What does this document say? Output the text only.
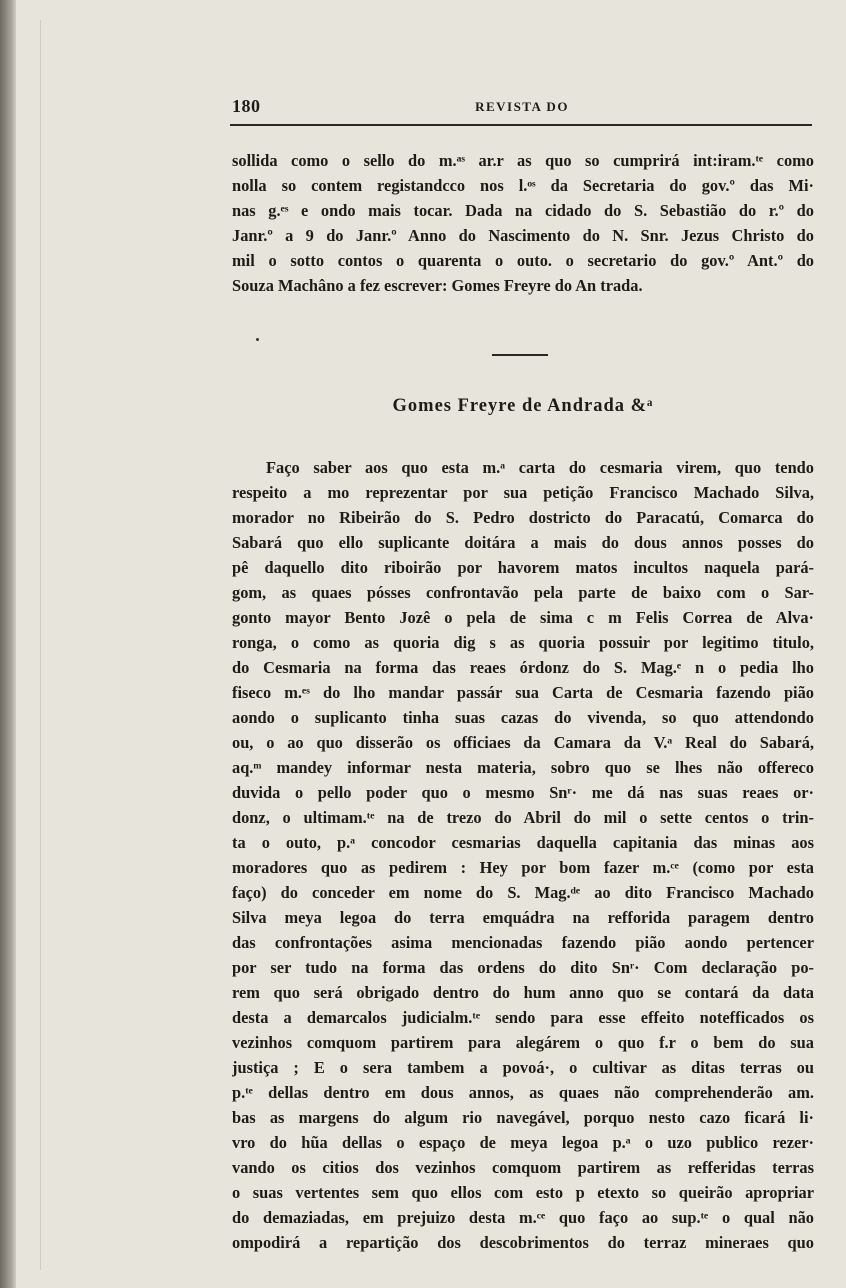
180	REVISTA DO
sollida como o sello do m.ᵃˢ ar.r as quo so cumprirá int:iram.ᵗᵉ como
nolla so contem registandcco nos l.ᵒˢ da Secretaria do gov.º das Mi·
nas g.ᵉˢ e ondo mais tocar. Dada na cidado do S. Sebastião do r.º do
Janr.º a 9 do Janr.º Anno do Nascimento do N. Snr. Jezus Christo do
mil o sotto contos o quarenta o outo. o secretario do gov.º Ant.º do
Souza Machâno a fez escrever: Gomes Freyre do An trada.
Gomes Freyre de Andrada &ᵃ
Faço saber aos quo esta m.ᵃ carta do cesmaria virem, quo tendo
respeito a mo reprezentar por sua petição Francisco Machado Silva,
morador no Ribeirão do S. Pedro dostricto do Paracatú, Comarca do
Sabará quo ello suplicante doitára a mais do dous annos posses do
pê daquello dito riboirão por havorem matos incultos naquela pará-
gom, as quaes pósses confrontavão pela parte de baixo com o Sar-
gonto mayor Bento Jozê o pela de sima c m Felis Correa de Alva·
ronga, o como as quoria dig s as quoria possuir por legitimo titulo,
do Cesmaria na forma das reaes órdonz do S. Mag.ᵉ n o pedia lho
fiseco m.ᵉˢ do lho mandar passár sua Carta de Cesmaria fazendo pião
aondo o suplicanto tinha suas cazas do vivenda, so quo attendondo
ou, o ao quo disserão os officiaes da Camara da V.ᵃ Real do Sabará,
aq.ᵐ mandey informar nesta materia, sobro quo se lhes não offereco
duvida o pello poder quo o mesmo Snʳ· me dá nas suas reaes or·
donz, o ultimam.ᵗᵉ na de trezo do Abril do mil o sette centos o trin-
ta o outo, p.ᵃ concodor cesmarias daquella capitania das minas aos
moradores quo as pedirem : Hey por bom fazer m.ᶜᵉ (como por esta
faço) do conceder em nome do S. Mag.ᵈᵉ ao dito Francisco Machado
Silva meya legoa do terra emquádra na refforida paragem dentro
das confrontações asima mencionadas fazendo pião aondo pertencer
por ser tudo na forma das ordens do dito Snʳ· Com declaração po-
rem quo será obrigado dentro do hum anno quo se contará da data
desta a demarcalos judicialm.ᵗᵉ sendo para esse effeito notefficados os
vezinhos comquom partirem para alegárem o quo f.r o bem do sua
justiça ; E o sera tambem a povoá·, o cultivar as ditas terras ou
p.ᵗᵉ dellas dentro em dous annos, as quaes não comprehenderão am.
bas as margens do algum rio navegável, porquo nesto cazo ficará li·
vro do hũa dellas o espaço de meya legoa p.ᵃ o uzo publico rezer·
vando os citios dos vezinhos comquom partirem as refferidas terras
o suas vertentes sem quo ellos com esto p etexto so queirão apropriar
do demaziadas, em prejuizo desta m.ᶜᵉ quo faço ao sup.ᵗᵉ o qual não
ompodirá a repartição dos descobrimentos do terraz mineraes quo
